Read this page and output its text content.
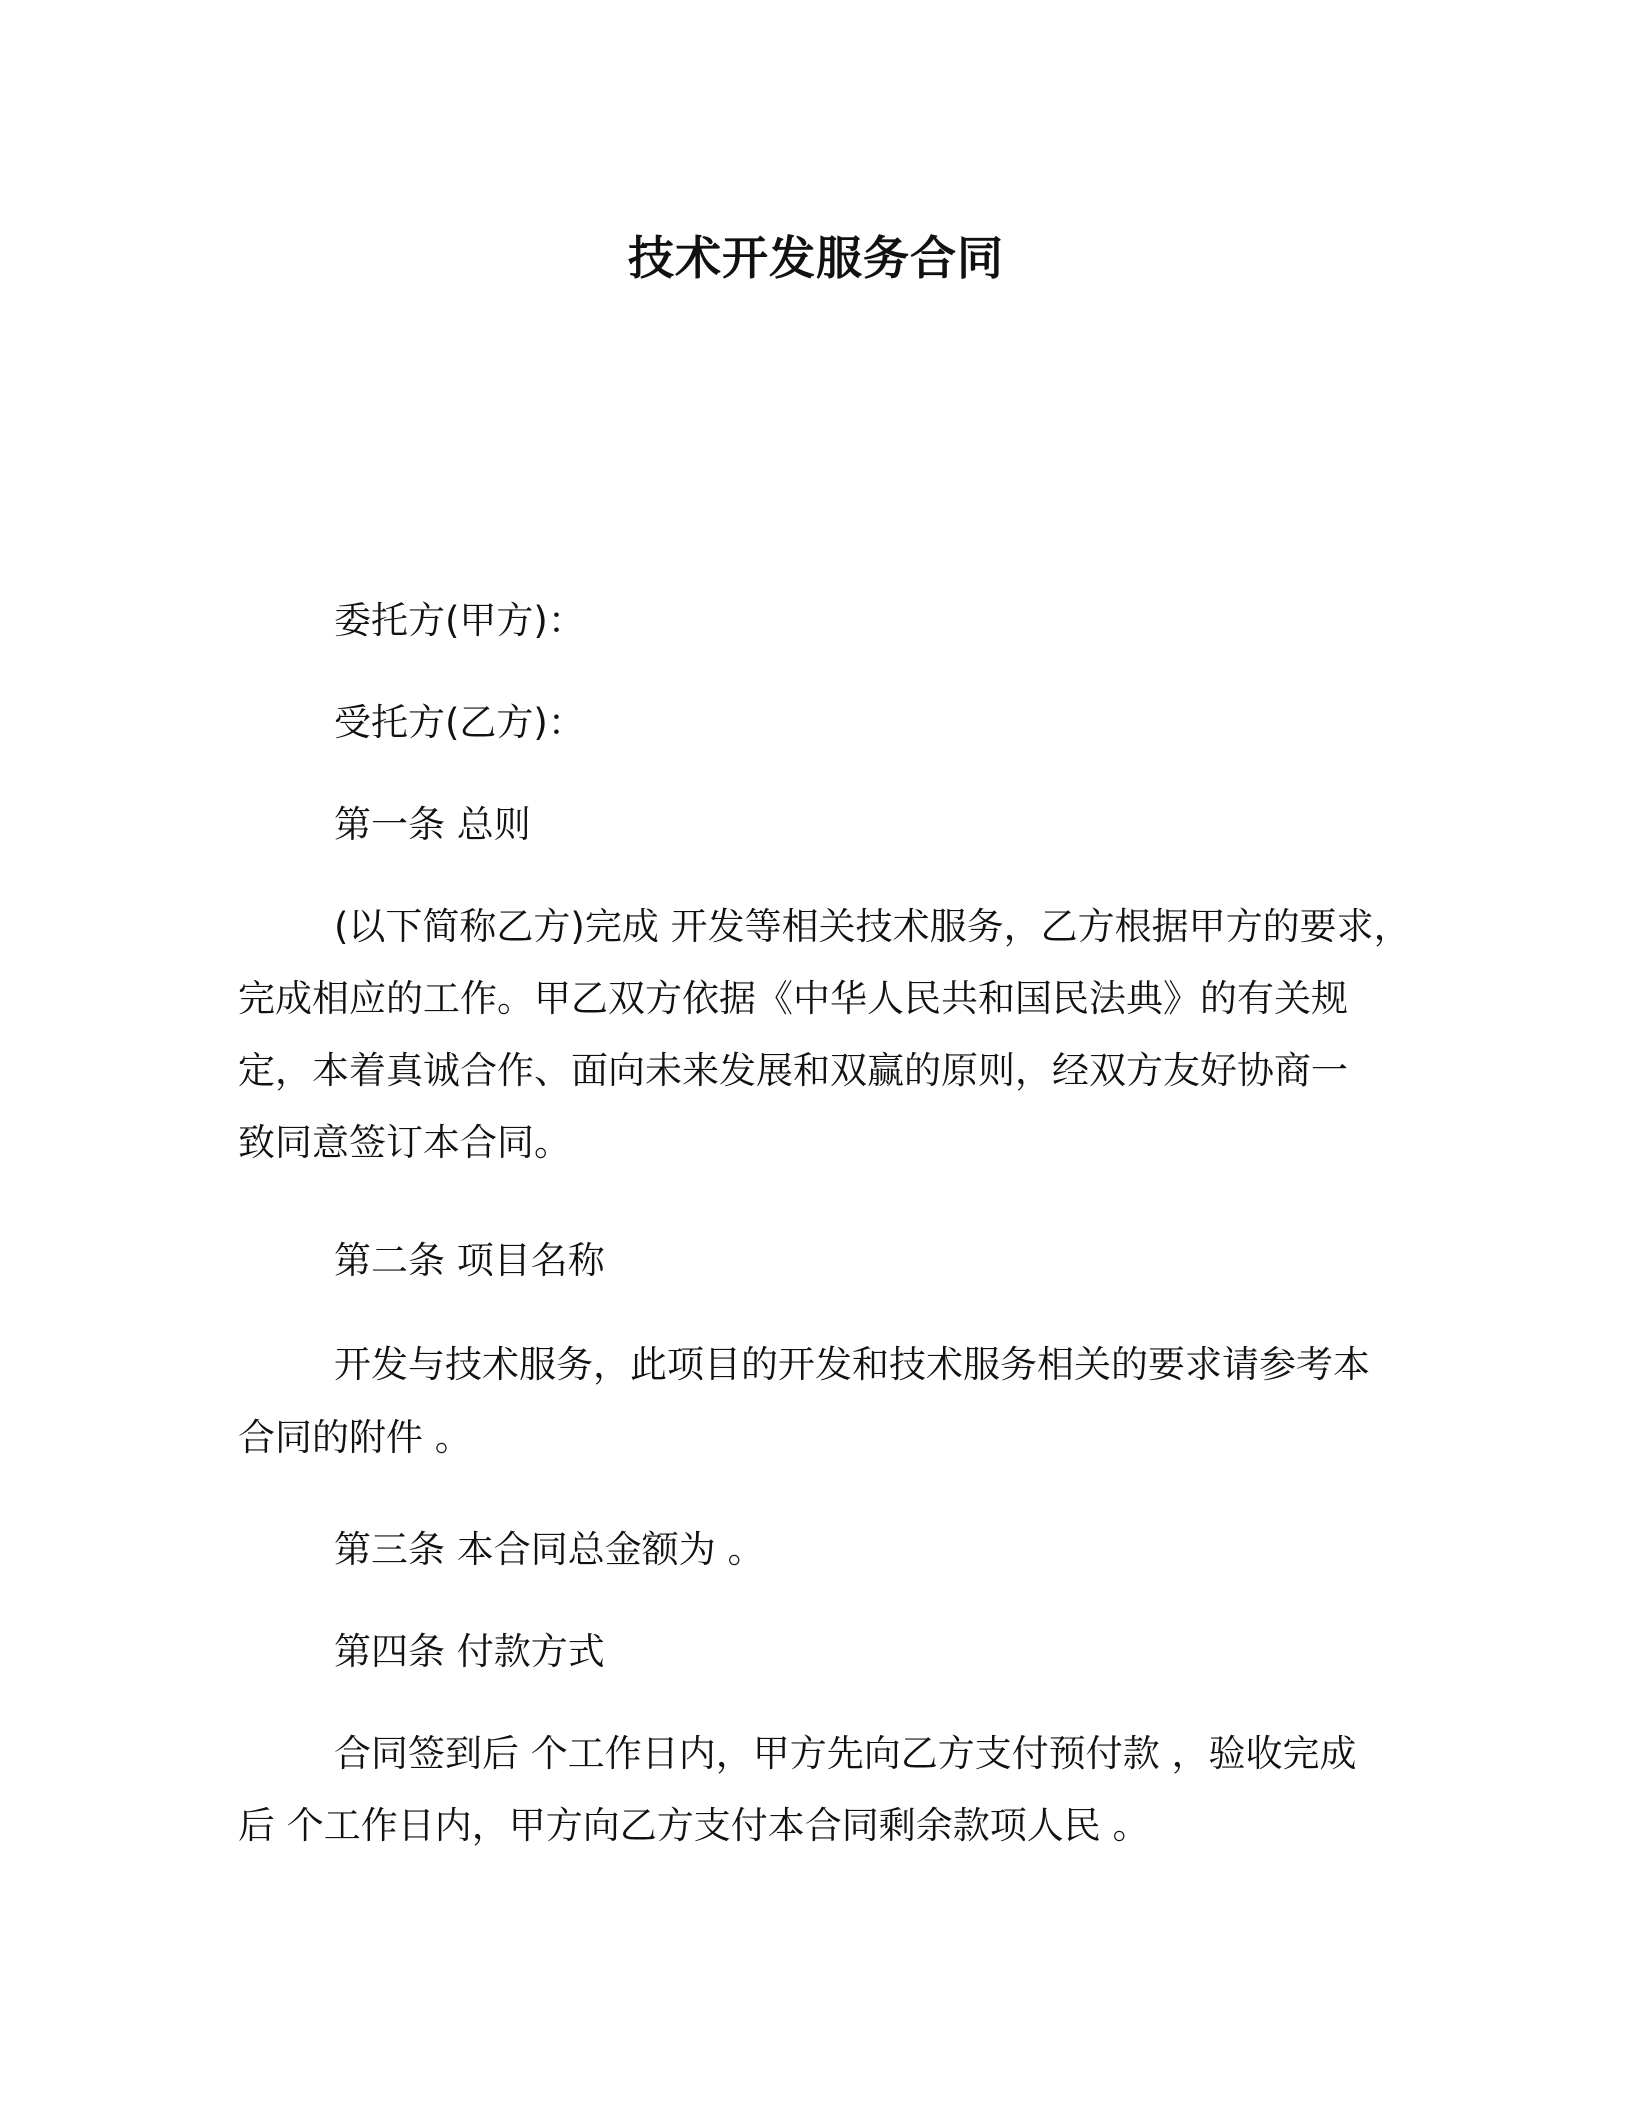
技术开发服务合同
委托方(甲方)：
受托方(乙方)：
第一条 总则
(以下简称乙方)完成 开发等相关技术服务，乙方根据甲方的要求，
完成相应的工作。甲乙双方依据《中华人民共和国民法典》的有关规
定，本着真诚合作、面向未来发展和双赢的原则，经双方友好协商一
致同意签订本合同。
第二条 项目名称
开发与技术服务，此项目的开发和技术服务相关的要求请参考本
合同的附件 。
第三条 本合同总金额为 。
第四条 付款方式
合同签到后 个工作日内，甲方先向乙方支付预付款 ，验收完成
后 个工作日内，甲方向乙方支付本合同剩余款项人民 。
